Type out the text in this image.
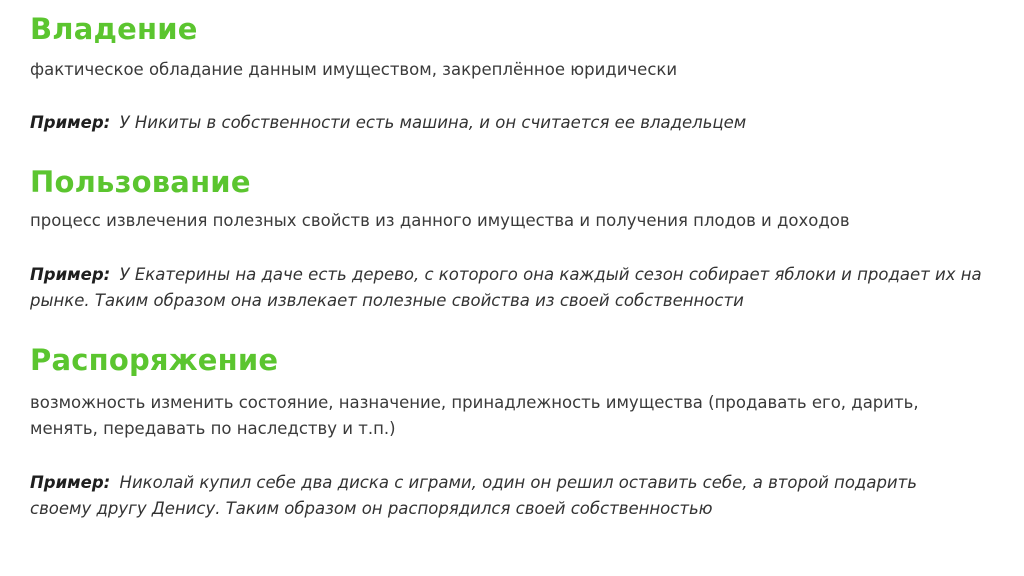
Владение

фактическое обладание данным имуществом, закреплённое юридически

Пример: У Никиты в собственности есть машина, и он считается ее владельцем

Пользование

процесс извлечения полезных свойств из данного имущества и получения плодов и доходов

Пример: У Екатерины на даче есть дерево, с которого она каждый сезон собирает яблоки и продает их на рынке. Таким образом она извлекает полезные свойства из своей собственности

Распоряжение

возможность изменить состояние, назначение, принадлежность имущества (продавать его, дарить, менять, передавать по наследству и т.п.)

Пример: Николай купил себе два диска с играми, один он решил оставить себе, а второй подарить своему другу Денису. Таким образом он распорядился своей собственностью
